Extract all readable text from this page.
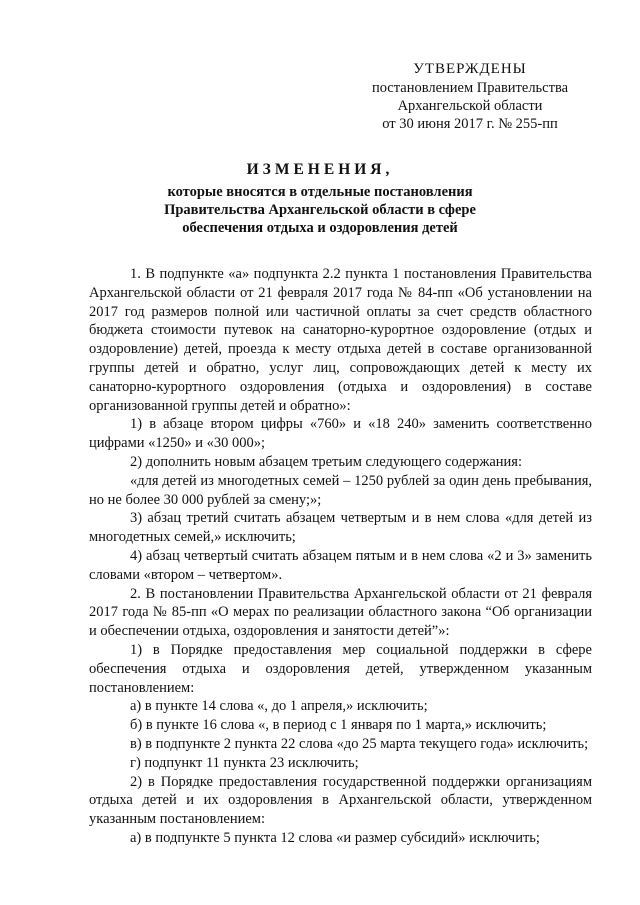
УТВЕРЖДЕНЫ
постановлением Правительства
Архангельской области
от 30 июня 2017 г. № 255-пп
ИЗМЕНЕНИЯ,
которые вносятся в отдельные постановления
Правительства Архангельской области в сфере
обеспечения отдыха и оздоровления детей

1. В подпункте «а» подпункта 2.2 пункта 1 постановления Правительства Архангельской области от 21 февраля 2017 года № 84-пп «Об установлении на 2017 год размеров полной или частичной оплаты за счет средств областного бюджета стоимости путевок на санаторно-курортное оздоровление (отдых и оздоровление) детей, проезда к месту отдыха детей в составе организованной группы детей и обратно, услуг лиц, сопровождающих детей к месту их санаторно-курортного оздоровления (отдыха и оздоровления) в составе организованной группы детей и обратно»:

1) в абзаце втором цифры «760» и «18 240» заменить соответственно цифрами «1250» и «30 000»;

2) дополнить новым абзацем третьим следующего содержания:

«для детей из многодетных семей – 1250 рублей за один день пребывания, но не более 30 000 рублей за смену;»;

3) абзац третий считать абзацем четвертым и в нем слова «для детей из многодетных семей,» исключить;

4) абзац четвертый считать абзацем пятым и в нем слова «2 и 3» заменить словами «втором – четвертом».

2. В постановлении Правительства Архангельской области от 21 февраля 2017 года № 85-пп «О мерах по реализации областного закона “Об организации и обеспечении отдыха, оздоровления и занятости детей”»:

1) в Порядке предоставления мер социальной поддержки в сфере обеспечения отдыха и оздоровления детей, утвержденном указанным постановлением:

а) в пункте 14 слова «, до 1 апреля,» исключить;

б) в пункте 16 слова «, в период с 1 января по 1 марта,» исключить;

в) в подпункте 2 пункта 22 слова «до 25 марта текущего года» исключить;

г) подпункт 11 пункта 23 исключить;

2) в Порядке предоставления государственной поддержки организациям отдыха детей и их оздоровления в Архангельской области, утвержденном указанным постановлением:

а) в подпункте 5 пункта 12 слова «и размер субсидий» исключить;
